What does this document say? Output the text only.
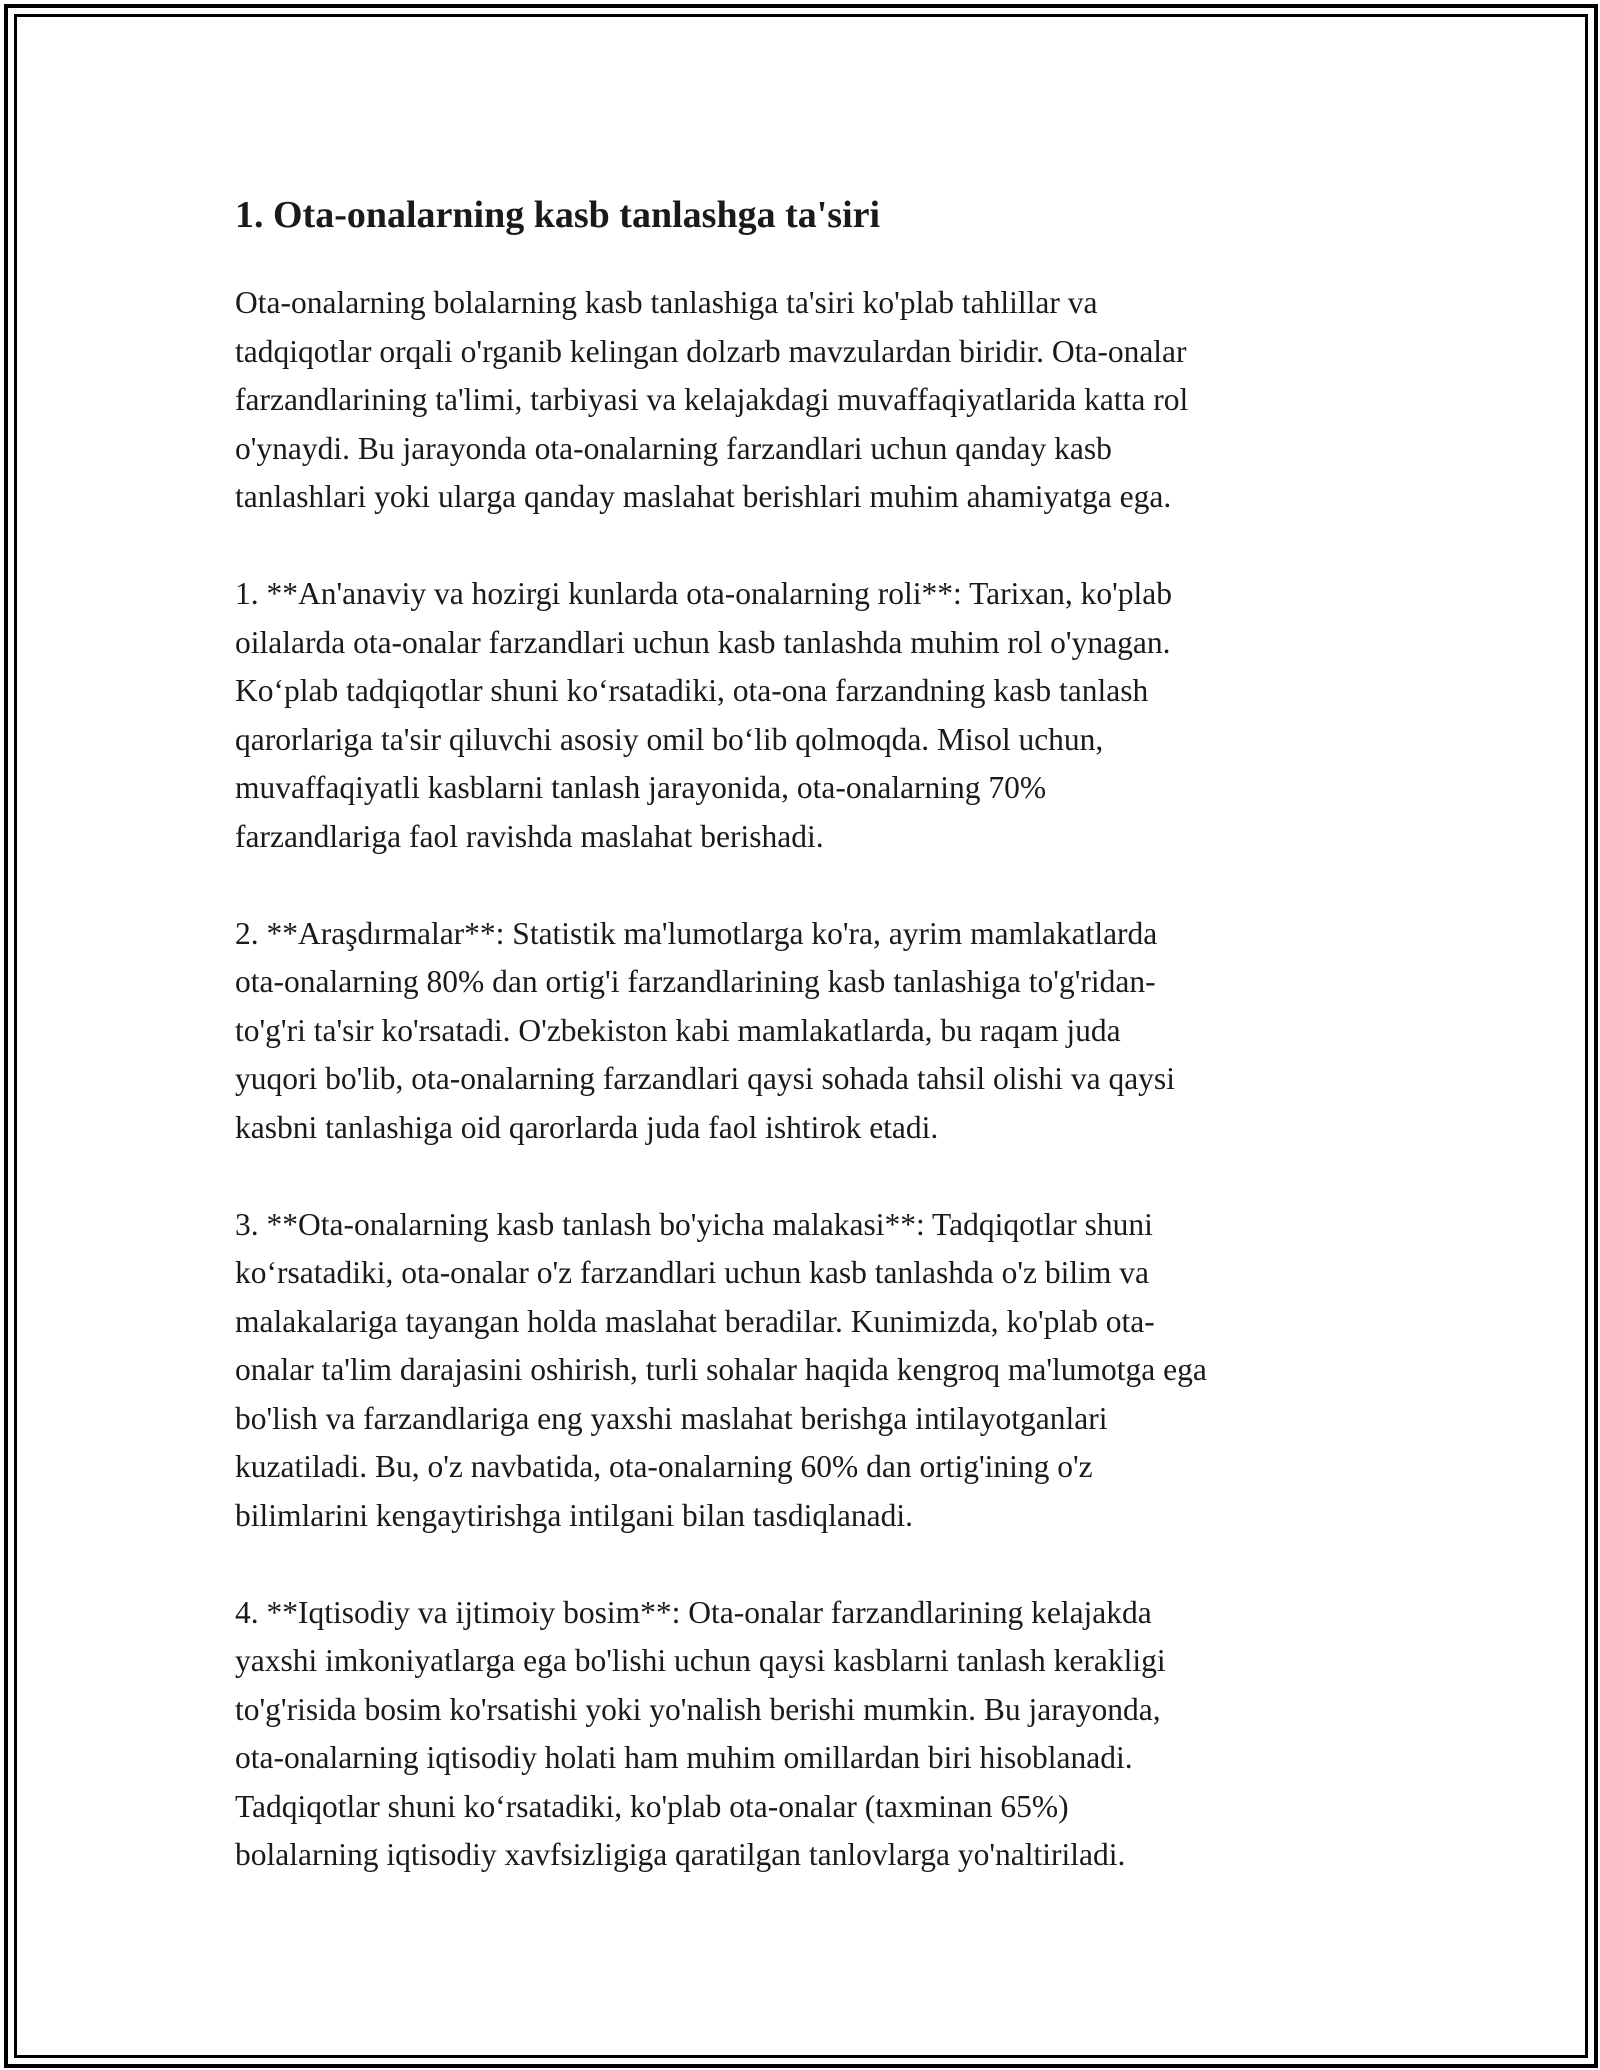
1. Ota-onalarning kasb tanlashga ta'siri

Ota-onalarning bolalarning kasb tanlashiga ta'siri ko'plab tahlillar va
tadqiqotlar orqali o'rganib kelingan dolzarb mavzulardan biridir. Ota-onalar
farzandlarining ta'limi, tarbiyasi va kelajakdagi muvaffaqiyatlarida katta rol
o'ynaydi. Bu jarayonda ota-onalarning farzandlari uchun qanday kasb
tanlashlari yoki ularga qanday maslahat berishlari muhim ahamiyatga ega.

1. **An'anaviy va hozirgi kunlarda ota-onalarning roli**: Tarixan, ko'plab
oilalarda ota-onalar farzandlari uchun kasb tanlashda muhim rol o'ynagan.
Ko‘plab tadqiqotlar shuni ko‘rsatadiki, ota-ona farzandning kasb tanlash
qarorlariga ta'sir qiluvchi asosiy omil bo‘lib qolmoqda. Misol uchun,
muvaffaqiyatli kasblarni tanlash jarayonida, ota-onalarning 70%
farzandlariga faol ravishda maslahat berishadi.

2. **Araşdırmalar**: Statistik ma'lumotlarga ko'ra, ayrim mamlakatlarda
ota-onalarning 80% dan ortig'i farzandlarining kasb tanlashiga to'g'ridan-
to'g'ri ta'sir ko'rsatadi. O'zbekiston kabi mamlakatlarda, bu raqam juda
yuqori bo'lib, ota-onalarning farzandlari qaysi sohada tahsil olishi va qaysi
kasbni tanlashiga oid qarorlarda juda faol ishtirok etadi.

3. **Ota-onalarning kasb tanlash bo'yicha malakasi**: Tadqiqotlar shuni
ko‘rsatadiki, ota-onalar o'z farzandlari uchun kasb tanlashda o'z bilim va
malakalariga tayangan holda maslahat beradilar. Kunimizda, ko'plab ota-
onalar ta'lim darajasini oshirish, turli sohalar haqida kengroq ma'lumotga ega
bo'lish va farzandlariga eng yaxshi maslahat berishga intilayotganlari
kuzatiladi. Bu, o'z navbatida, ota-onalarning 60% dan ortig'ining o'z
bilimlarini kengaytirishga intilgani bilan tasdiqlanadi.

4. **Iqtisodiy va ijtimoiy bosim**: Ota-onalar farzandlarining kelajakda
yaxshi imkoniyatlarga ega bo'lishi uchun qaysi kasblarni tanlash kerakligi
to'g'risida bosim ko'rsatishi yoki yo'nalish berishi mumkin. Bu jarayonda,
ota-onalarning iqtisodiy holati ham muhim omillardan biri hisoblanadi.
Tadqiqotlar shuni ko‘rsatadiki, ko'plab ota-onalar (taxminan 65%)
bolalarning iqtisodiy xavfsizligiga qaratilgan tanlovlarga yo'naltiriladi.
